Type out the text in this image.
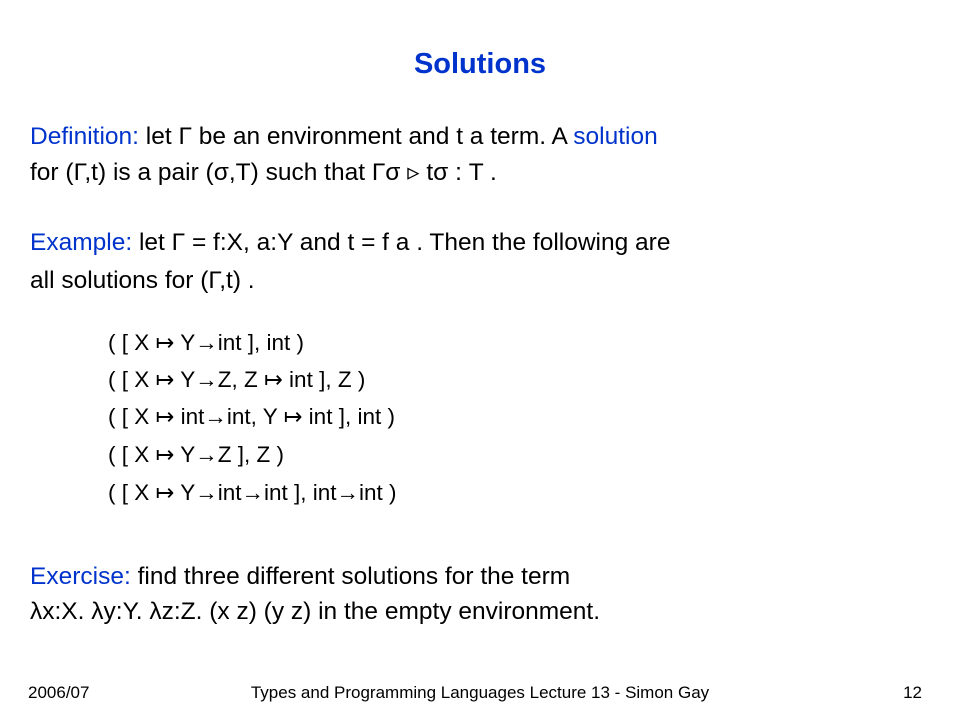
Solutions
Definition: let Γ be an environment and t a term. A solution
for (Γ,t) is a pair (σ,T) such that Γσ ▹ tσ : T .
Example: let Γ = f:X, a:Y and t = f a . Then the following are
all solutions for (Γ,t) .
( [ X ↦ Y→int ], int )
( [ X ↦ Y→Z, Z ↦ int ], Z )
( [ X ↦ int→int, Y ↦ int ], int )
( [ X ↦ Y→Z ], Z )
( [ X ↦ Y→int→int ], int→int )
Exercise: find three different solutions for the term
λx:X. λy:Y. λz:Z. (x z) (y z) in the empty environment.
2006/07	Types and Programming Languages Lecture 13 - Simon Gay	12
